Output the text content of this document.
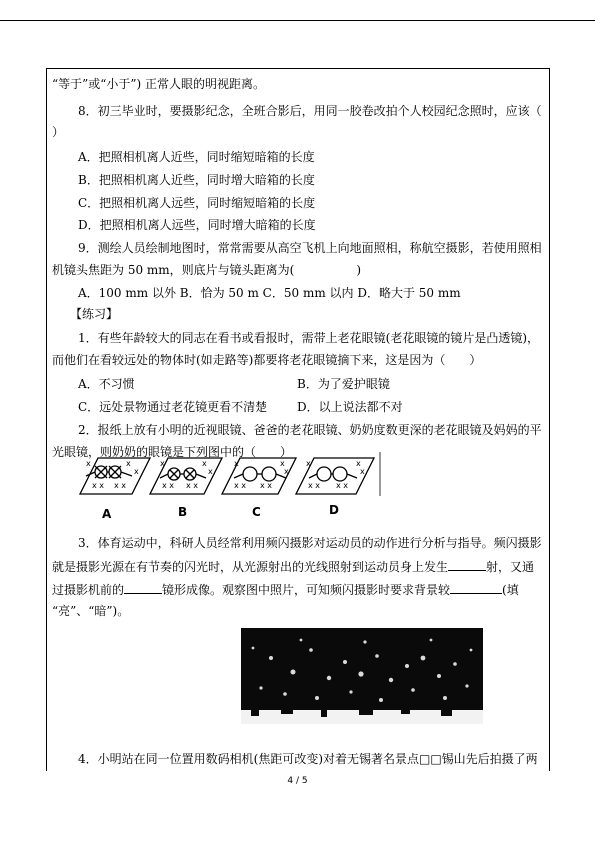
“等于”或“小于”) 正常人眼的明视距离。
8．初三毕业时，要摄影纪念，全班合影后，用同一胶卷改拍个人校园纪念照时，应该（
）
A．把照相机离人近些，同时缩短暗箱的长度
B．把照相机离人近些，同时增大暗箱的长度
C．把照相机离人远些，同时缩短暗箱的长度
D．把照相机离人远些，同时增大暗箱的长度
9．测绘人员绘制地图时，常常需要从高空飞机上向地面照相，称航空摄影，若使用照相
机镜头焦距为 50 mm，则底片与镜头距离为(	)
A．100 mm 以外 B．恰为 50 m C．50 mm 以内 D．略大于 50 mm
【练习】
1．有些年龄较大的同志在看书或看报时，需带上老花眼镜(老花眼镜的镜片是凸透镜)，
而他们在看较远处的物体时(如走路等)都要将老花眼镜摘下来，这是因为（　　）
A．不习惯	B．为了爱护眼镜
C．远处景物通过老花镜更看不清楚 D．以上说法都不对
2．报纸上放有小明的近视眼镜、爸爸的老花眼镜、奶奶度数更深的老花眼镜及妈妈的平
光眼镜，则奶奶的眼镜是下列图中的（　　）
x	x
x
x x x x
x	x
x
x x x x
x	x
x
x x x x
x	x
x
x x x x
A	B	C	D
3．体育运动中，科研人员经常利用频闪摄影对运动员的动作进行分析与指导。频闪摄影
就是摄影光源在有节奏的闪光时，从光源射出的光线照射到运动员身上发生	射，又通
过摄影机前的	镜形成像。观察图中照片，可知频闪摄影时要求背景较	(填
“亮”、“暗”)。
4．小明站在同一位置用数码相机(焦距可改变)对着无锡著名景点□□锡山先后拍摄了两
4 / 5
